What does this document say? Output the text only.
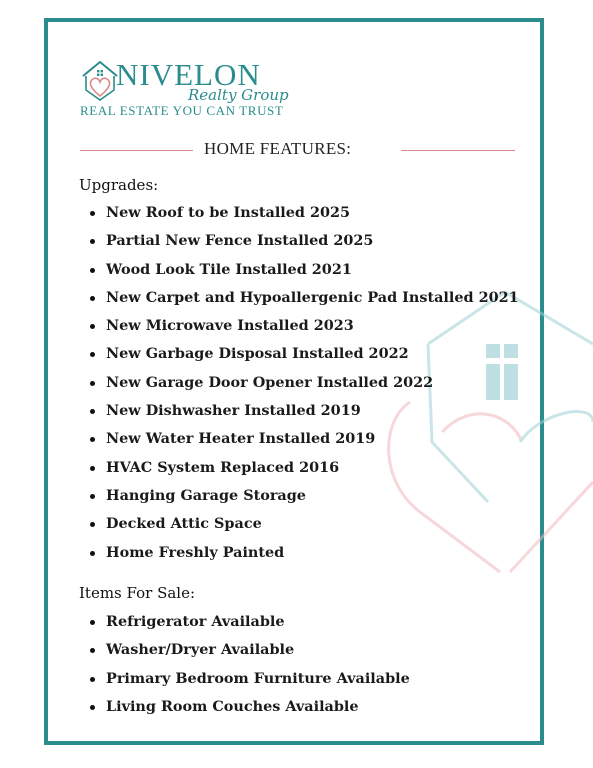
NIVELON
Realty Group
REAL ESTATE YOU CAN TRUST
HOME FEATURES:
Upgrades:
New Roof to be Installed 2025
Partial New Fence Installed 2025
Wood Look Tile Installed 2021
New Carpet and Hypoallergenic Pad Installed 2021
New Microwave Installed 2023
New Garbage Disposal Installed 2022
New Garage Door Opener Installed 2022
New Dishwasher Installed 2019
New Water Heater Installed 2019
HVAC System Replaced 2016
Hanging Garage Storage
Decked Attic Space
Home Freshly Painted
Items For Sale:
Refrigerator Available
Washer/Dryer Available
Primary Bedroom Furniture Available
Living Room Couches Available
